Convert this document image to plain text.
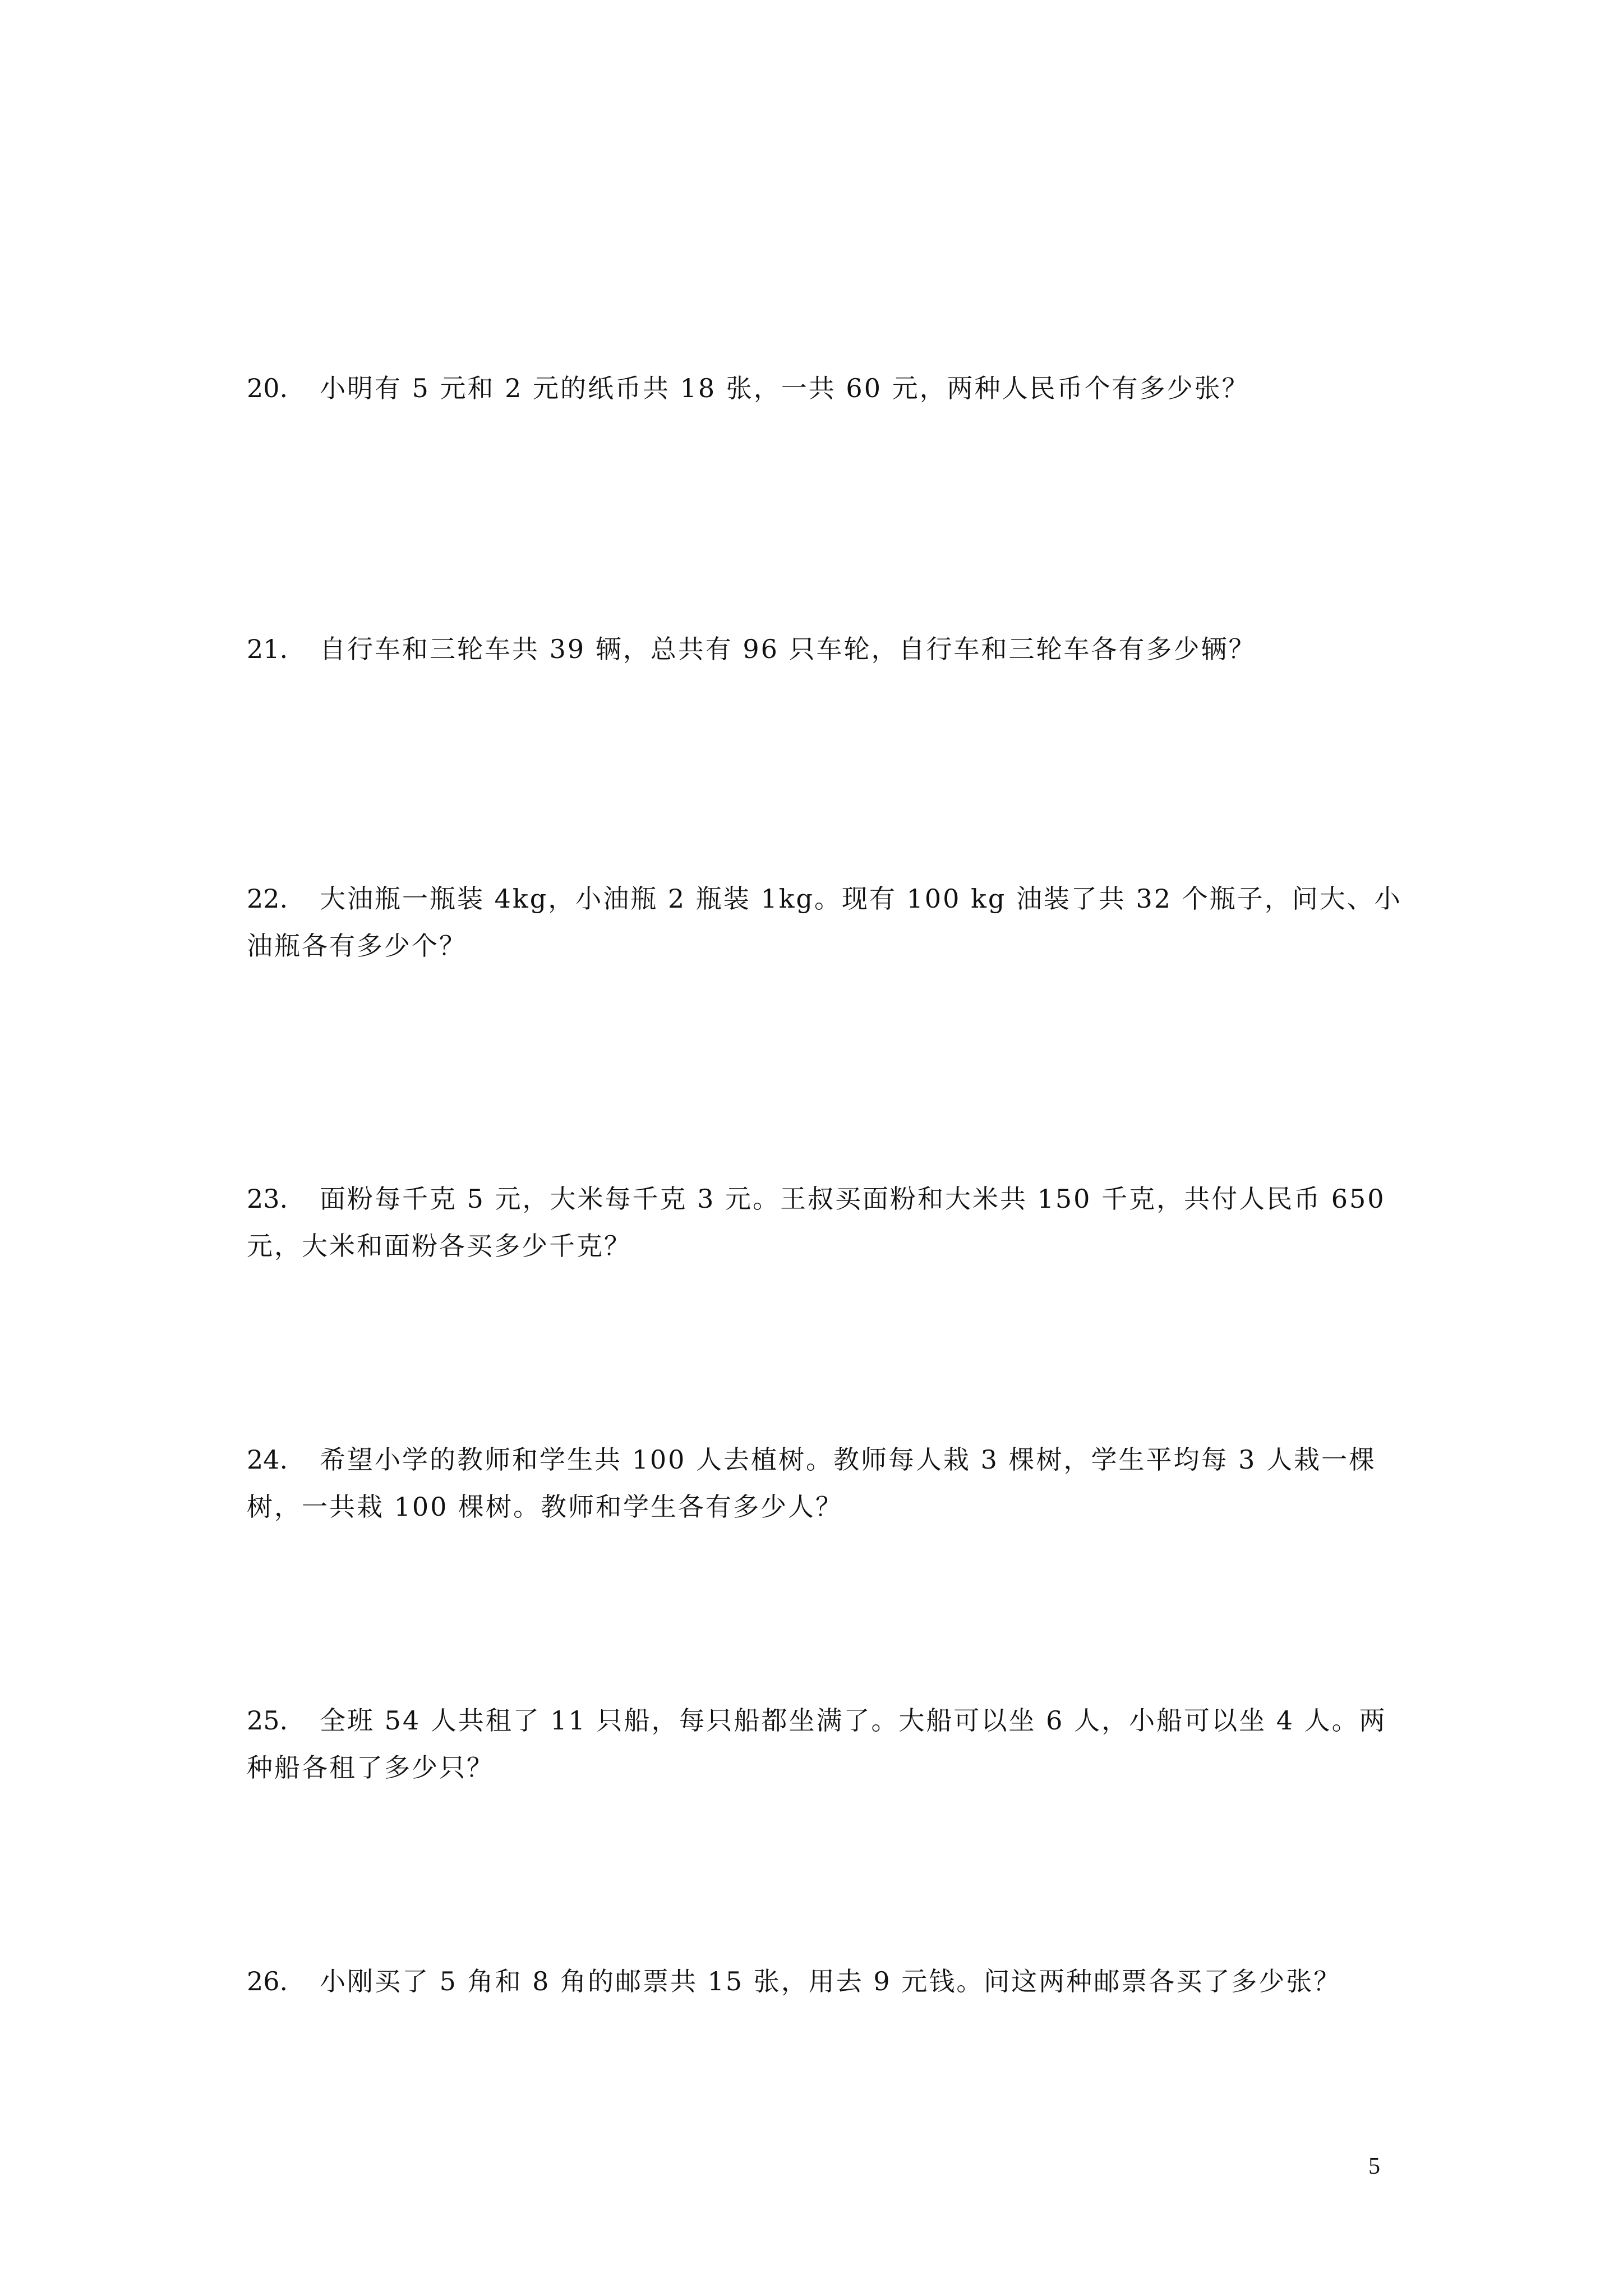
20. 小明有 5 元和 2 元的纸币共 18 张，一共 60 元，两种人民币个有多少张？
21. 自行车和三轮车共 39 辆，总共有 96 只车轮，自行车和三轮车各有多少辆？
22. 大油瓶一瓶装 4kg，小油瓶 2 瓶装 1kg。现有 100 kg 油装了共 32 个瓶子，问大、小油瓶各有多少个？
23. 面粉每千克 5 元，大米每千克 3 元。王叔买面粉和大米共 150 千克，共付人民币 650 元，大米和面粉各买多少千克？
24. 希望小学的教师和学生共 100 人去植树。教师每人栽 3 棵树，学生平均每 3 人栽一棵树，一共栽 100 棵树。教师和学生各有多少人？
25. 全班 54 人共租了 11 只船，每只船都坐满了。大船可以坐 6 人，小船可以坐 4 人。两种船各租了多少只？
26. 小刚买了 5 角和 8 角的邮票共 15 张，用去 9 元钱。问这两种邮票各买了多少张？
5
